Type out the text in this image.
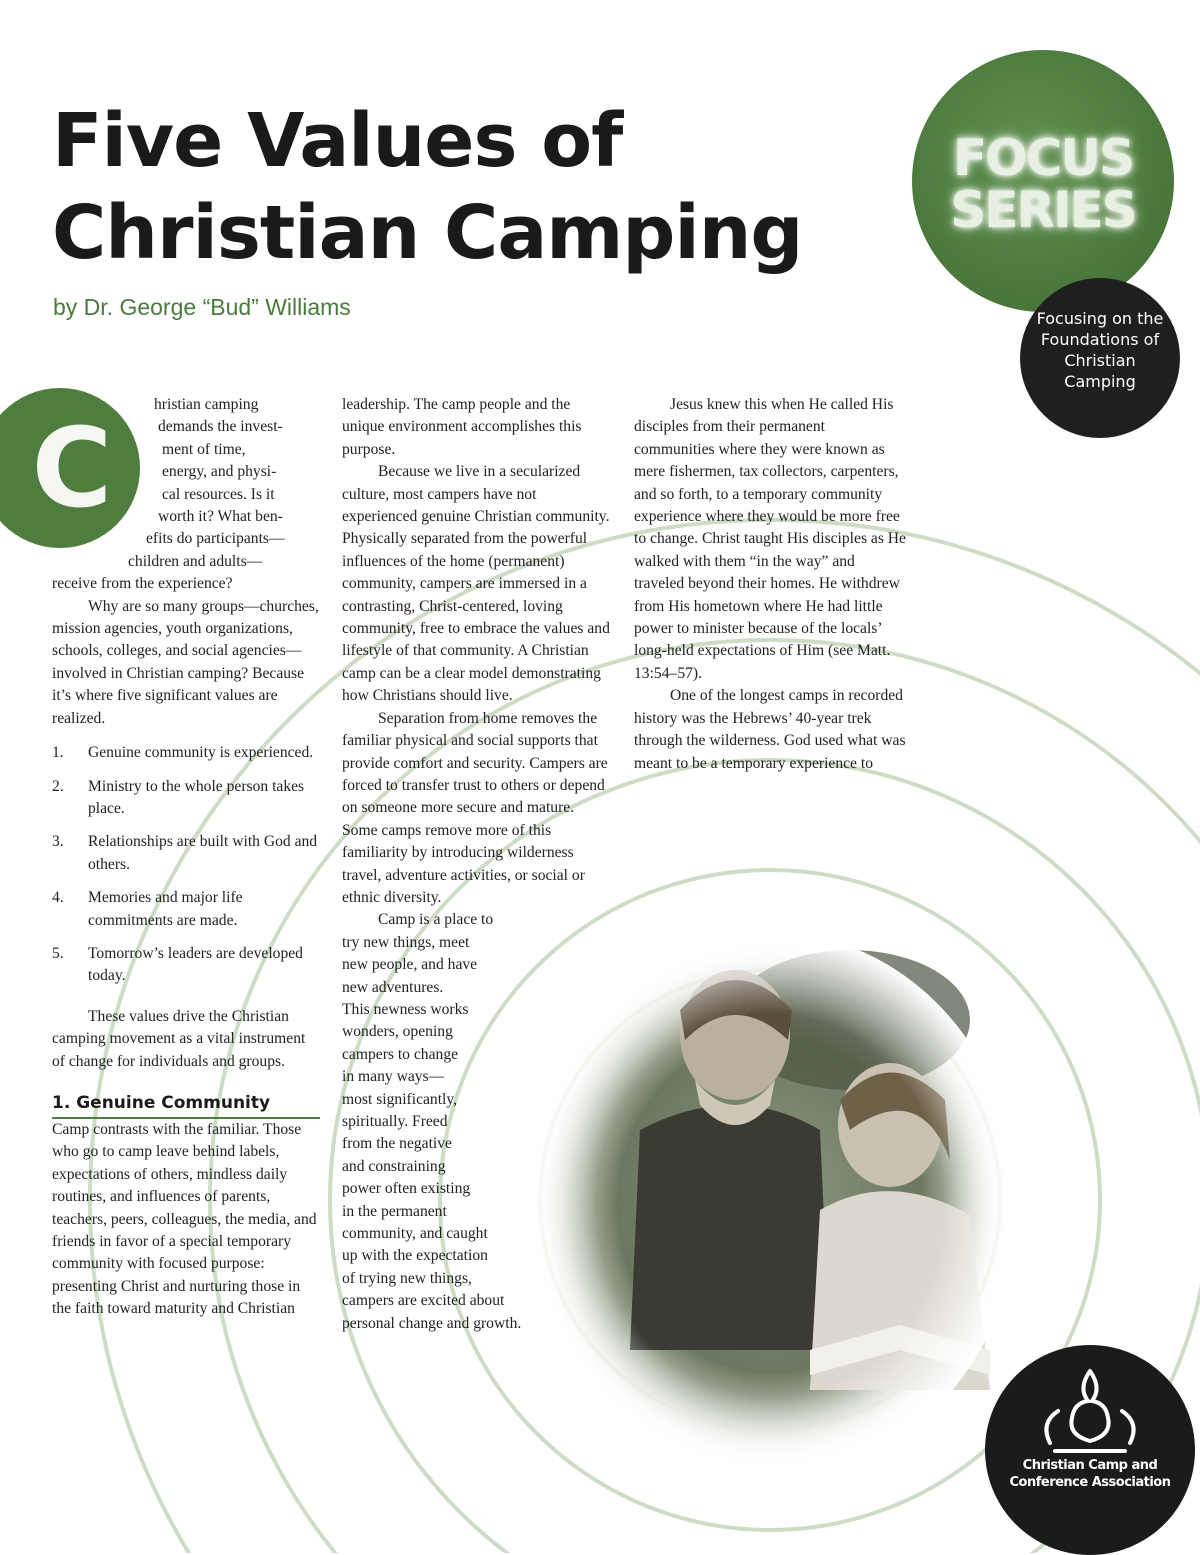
Five Values of
Christian Camping
by Dr. George “Bud” Williams
FOCUS
SERIES
Focusing on the Foundations of Christian Camping
C	hristian camping
demands the invest-
ment of time,
energy, and physi-
cal resources. Is it
worth it? What ben-
efits do participants—
children and adults—
receive from the experience?

Why are so many groups—churches, mission agencies, youth organizations, schools, colleges, and social agencies—involved in Christian camping? Because it’s where five significant values are realized.

1.	Genuine community is experienced.
2.	Ministry to the whole person takes place.
3.	Relationships are built with God and others.
4.	Memories and major life commitments are made.
5.	Tomorrow’s leaders are developed today.

These values drive the Christian camping movement as a vital instrument of change for individuals and groups.

1. Genuine Community

Camp contrasts with the familiar. Those who go to camp leave behind labels, expectations of others, mindless daily routines, and influences of parents, teachers, peers, colleagues, the media, and friends in favor of a special temporary community with focused purpose: presenting Christ and nurturing those in the faith toward maturity and Christian

leadership. The camp people and the unique environment accomplishes this purpose.

Because we live in a secularized culture, most campers have not experienced genuine Christian community. Physically separated from the powerful influences of the home (permanent) community, campers are immersed in a contrasting, Christ-centered, loving community, free to embrace the values and lifestyle of that community. A Christian camp can be a clear model demonstrating how Christians should live.

Separation from home removes the familiar physical and social supports that provide comfort and security. Campers are forced to transfer trust to others or depend on someone more secure and mature. Some camps remove more of this familiarity by introducing wilderness travel, adventure activities, or social or ethnic diversity.

Camp is a place to
try new things, meet
new people, and have
new adventures.
This newness works
wonders, opening
campers to change
in many ways—
most significantly,
spiritually. Freed
from the negative
and constraining
power often existing
in the permanent
community, and caught
up with the expectation
of trying new things,
campers are excited about
personal change and growth.

Jesus knew this when He called His disciples from their permanent communities where they were known as mere fishermen, tax collectors, carpenters, and so forth, to a temporary community experience where they would be more free to change. Christ taught His disciples as He walked with them “in the way” and traveled beyond their homes. He withdrew from His hometown where He had little power to minister because of the locals’ long-held expectations of Him (see Matt. 13:54–57).

One of the longest camps in recorded history was the Hebrews’ 40-year trek through the wilderness. God used what was meant to be a temporary experience to

Christian Camp and
Conference Association
